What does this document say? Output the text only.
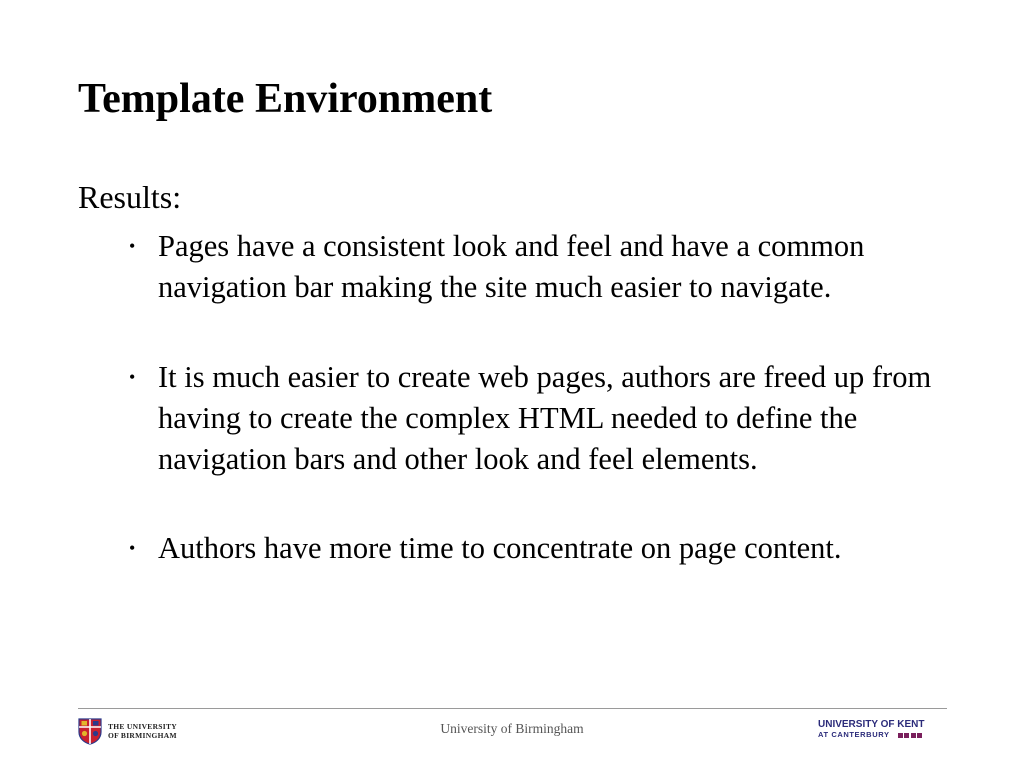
Template Environment

Results:

• Pages have a consistent look and feel and have a common navigation bar making the site much easier to navigate.
• It is much easier to create web pages, authors are freed up from having to create the complex HTML needed to define the navigation bars and other look and feel elements.
• Authors have more time to concentrate on page content.
THE UNIVERSITY
OF BIRMINGHAM	University of Birmingham	UNIVERSITY OF KENT
AT CANTERBURY
